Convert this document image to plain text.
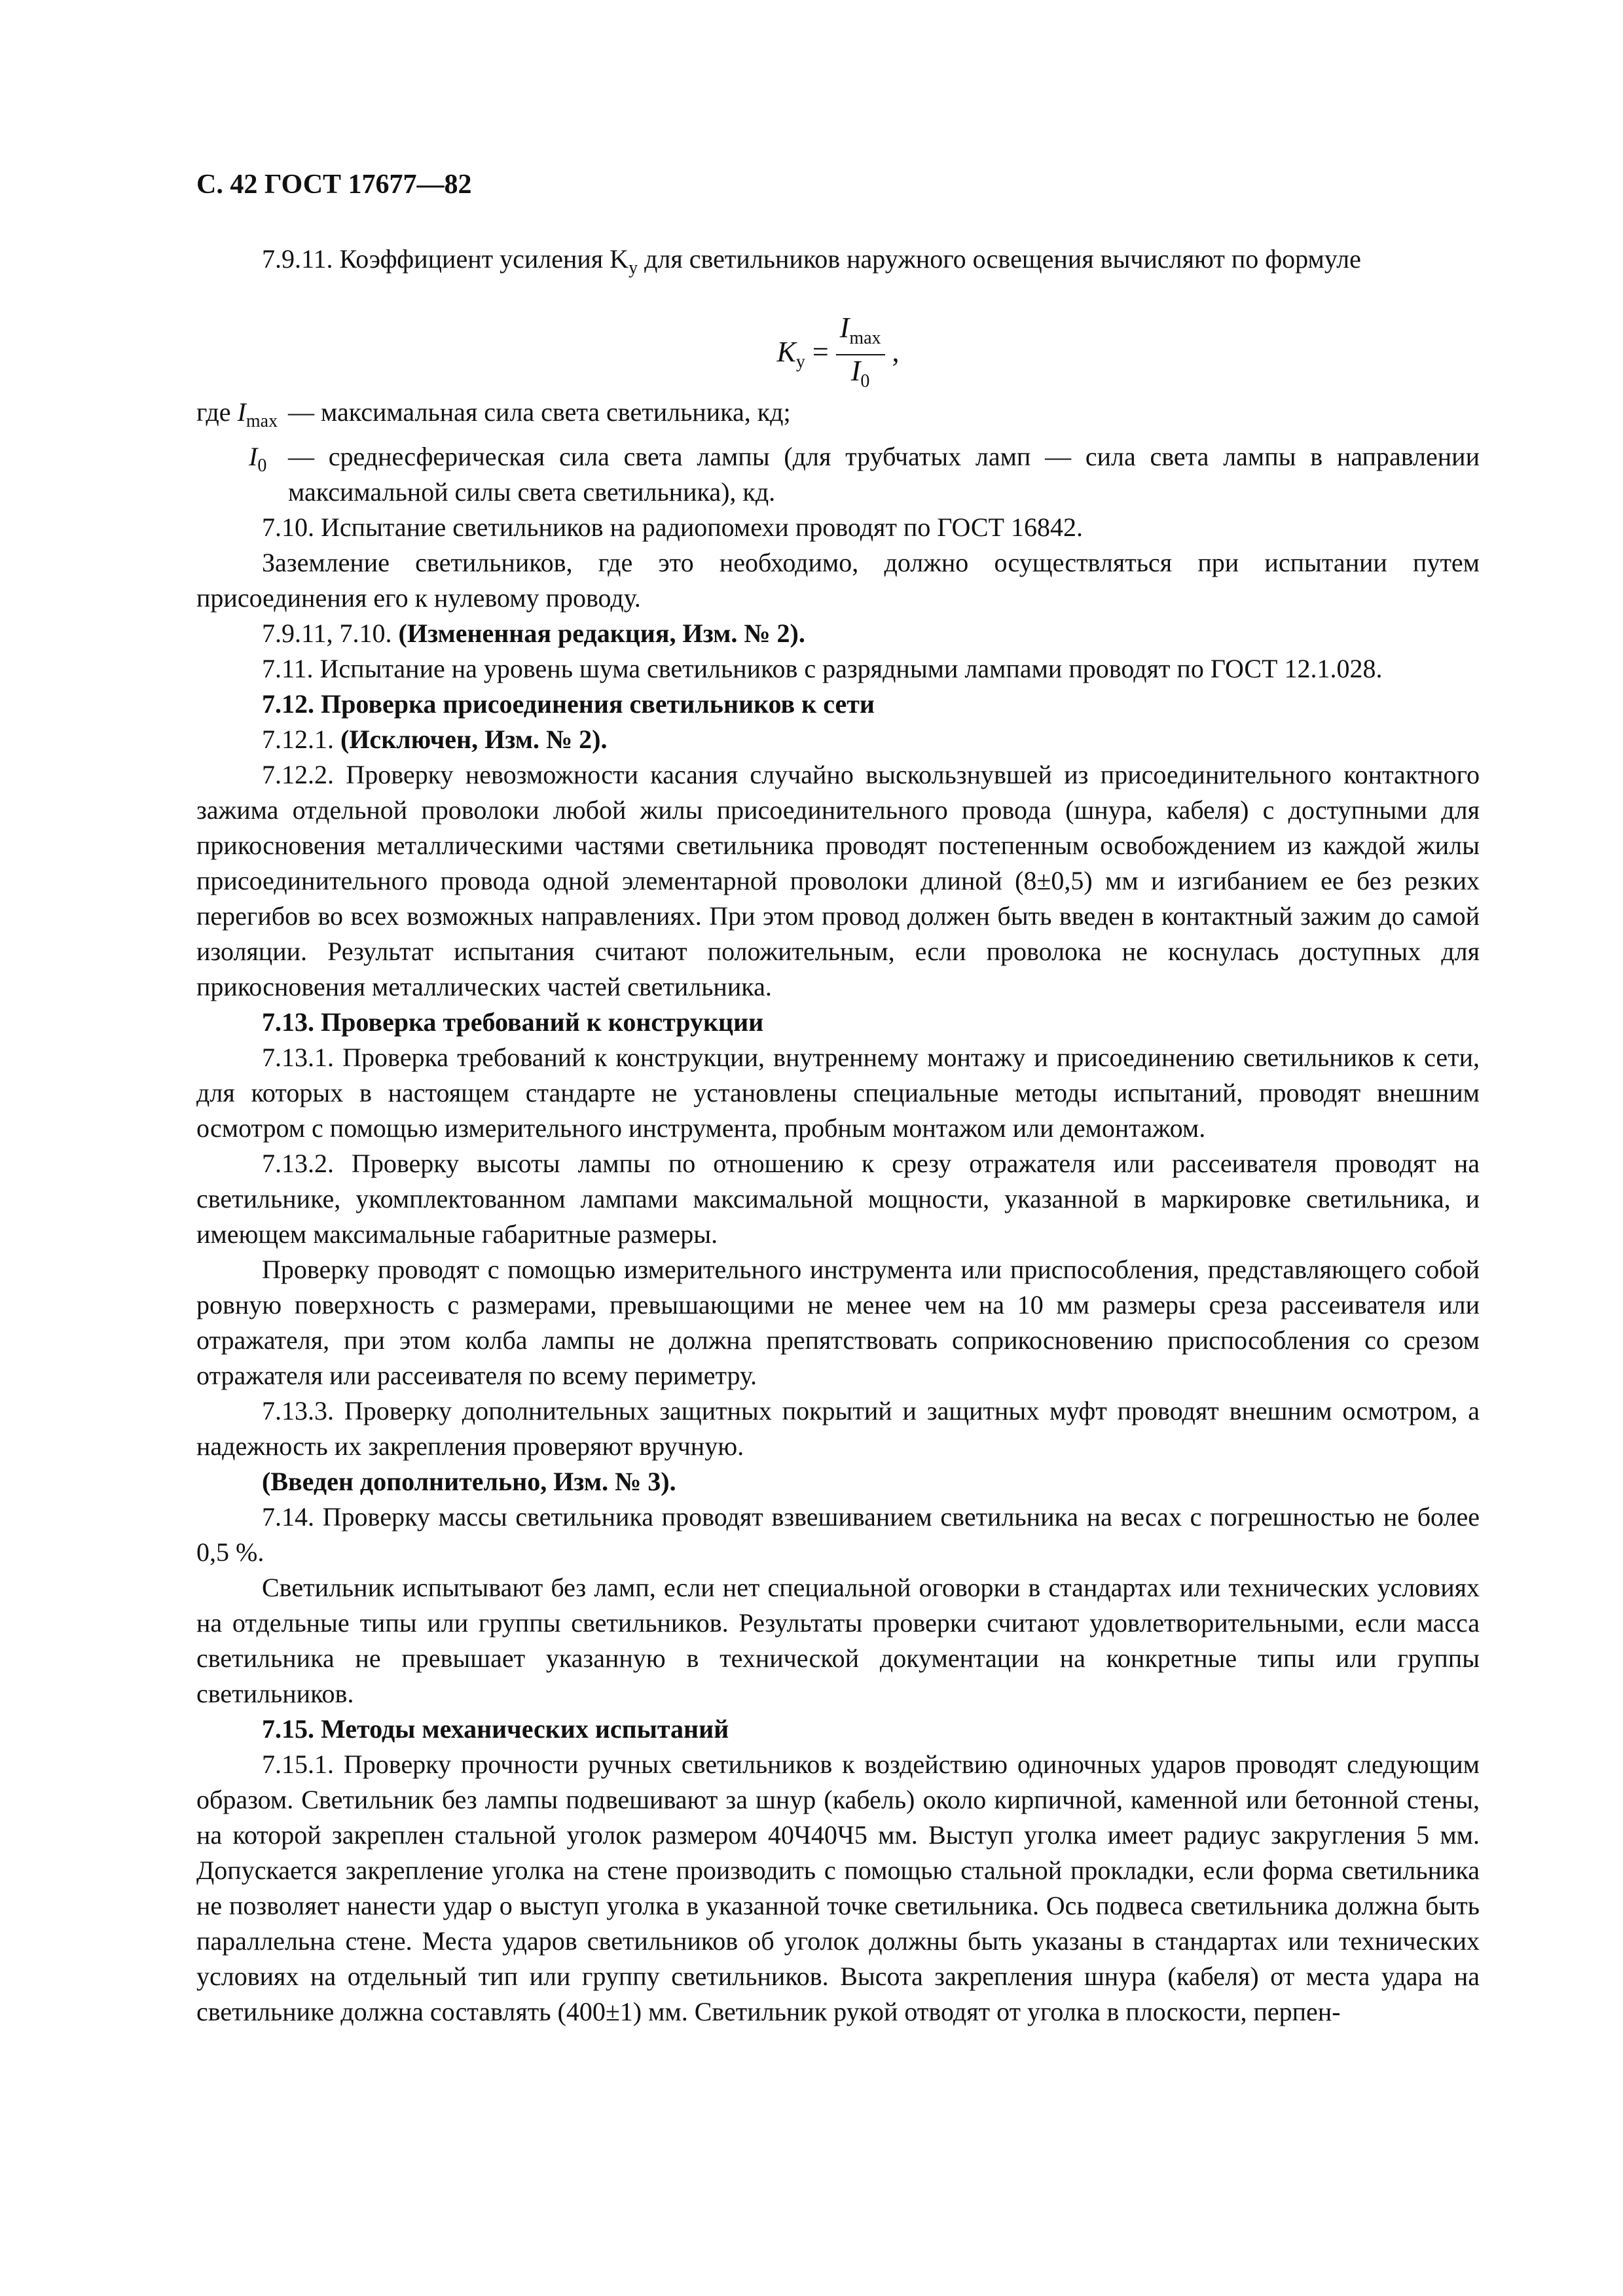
С. 42 ГОСТ 17677—82

7.9.11. Коэффициент усиления $K_y$ для светильников наружного освещения вычисляют по формуле

$K_у = \frac{I_{max}}{I_0}$ ,
где $I_{max}$ — максимальная сила света светильника, кд;
$I_0$ — среднесферическая сила света лампы (для трубчатых ламп — сила света лампы в направлении максимальной силы света светильника), кд.

7.10. Испытание светильников на радиопомехи проводят по ГОСТ 16842.

Заземление светильников, где это необходимо, должно осуществляться при испытании путем присоединения его к нулевому проводу.

7.9.11, 7.10. (Измененная редакция, Изм. № 2).

7.11. Испытание на уровень шума светильников с разрядными лампами проводят по ГОСТ 12.1.028.

7.12. Проверка присоединения светильников к сети

7.12.1. (Исключен, Изм. № 2).

7.12.2. Проверку невозможности касания случайно выскользнувшей из присоединительного контактного зажима отдельной проволоки любой жилы присоединительного провода (шнура, кабеля) с доступными для прикосновения металлическими частями светильника проводят постепенным освобождением из каждой жилы присоединительного провода одной элементарной проволоки длиной (8±0,5) мм и изгибанием ее без резких перегибов во всех возможных направлениях. При этом провод должен быть введен в контактный зажим до самой изоляции. Результат испытания считают положительным, если проволока не коснулась доступных для прикосновения металлических частей светильника.

7.13. Проверка требований к конструкции

7.13.1. Проверка требований к конструкции, внутреннему монтажу и присоединению светильников к сети, для которых в настоящем стандарте не установлены специальные методы испытаний, проводят внешним осмотром с помощью измерительного инструмента, пробным монтажом или демонтажом.

7.13.2. Проверку высоты лампы по отношению к срезу отражателя или рассеивателя проводят на светильнике, укомплектованном лампами максимальной мощности, указанной в маркировке светильника, и имеющем максимальные габаритные размеры.

Проверку проводят с помощью измерительного инструмента или приспособления, представляющего собой ровную поверхность с размерами, превышающими не менее чем на 10 мм размеры среза рассеивателя или отражателя, при этом колба лампы не должна препятствовать соприкосновению приспособления со срезом отражателя или рассеивателя по всему периметру.

7.13.3. Проверку дополнительных защитных покрытий и защитных муфт проводят внешним осмотром, а надежность их закрепления проверяют вручную.

(Введен дополнительно, Изм. № 3).

7.14. Проверку массы светильника проводят взвешиванием светильника на весах с погрешностью не более 0,5 %.

Светильник испытывают без ламп, если нет специальной оговорки в стандартах или технических условиях на отдельные типы или группы светильников. Результаты проверки считают удовлетворительными, если масса светильника не превышает указанную в технической документации на конкретные типы или группы светильников.

7.15. Методы механических испытаний

7.15.1. Проверку прочности ручных светильников к воздействию одиночных ударов проводят следующим образом. Светильник без лампы подвешивают за шнур (кабель) около кирпичной, каменной или бетонной стены, на которой закреплен стальной уголок размером 40Ч40Ч5 мм. Выступ уголка имеет радиус закругления 5 мм. Допускается закрепление уголка на стене производить с помощью стальной прокладки, если форма светильника не позволяет нанести удар о выступ уголка в указанной точке светильника. Ось подвеса светильника должна быть параллельна стене. Места ударов светильников об уголок должны быть указаны в стандартах или технических условиях на отдельный тип или группу светильников. Высота закрепления шнура (кабеля) от места удара на светильнике должна составлять (400±1) мм. Светильник рукой отводят от уголка в плоскости, перпен-
